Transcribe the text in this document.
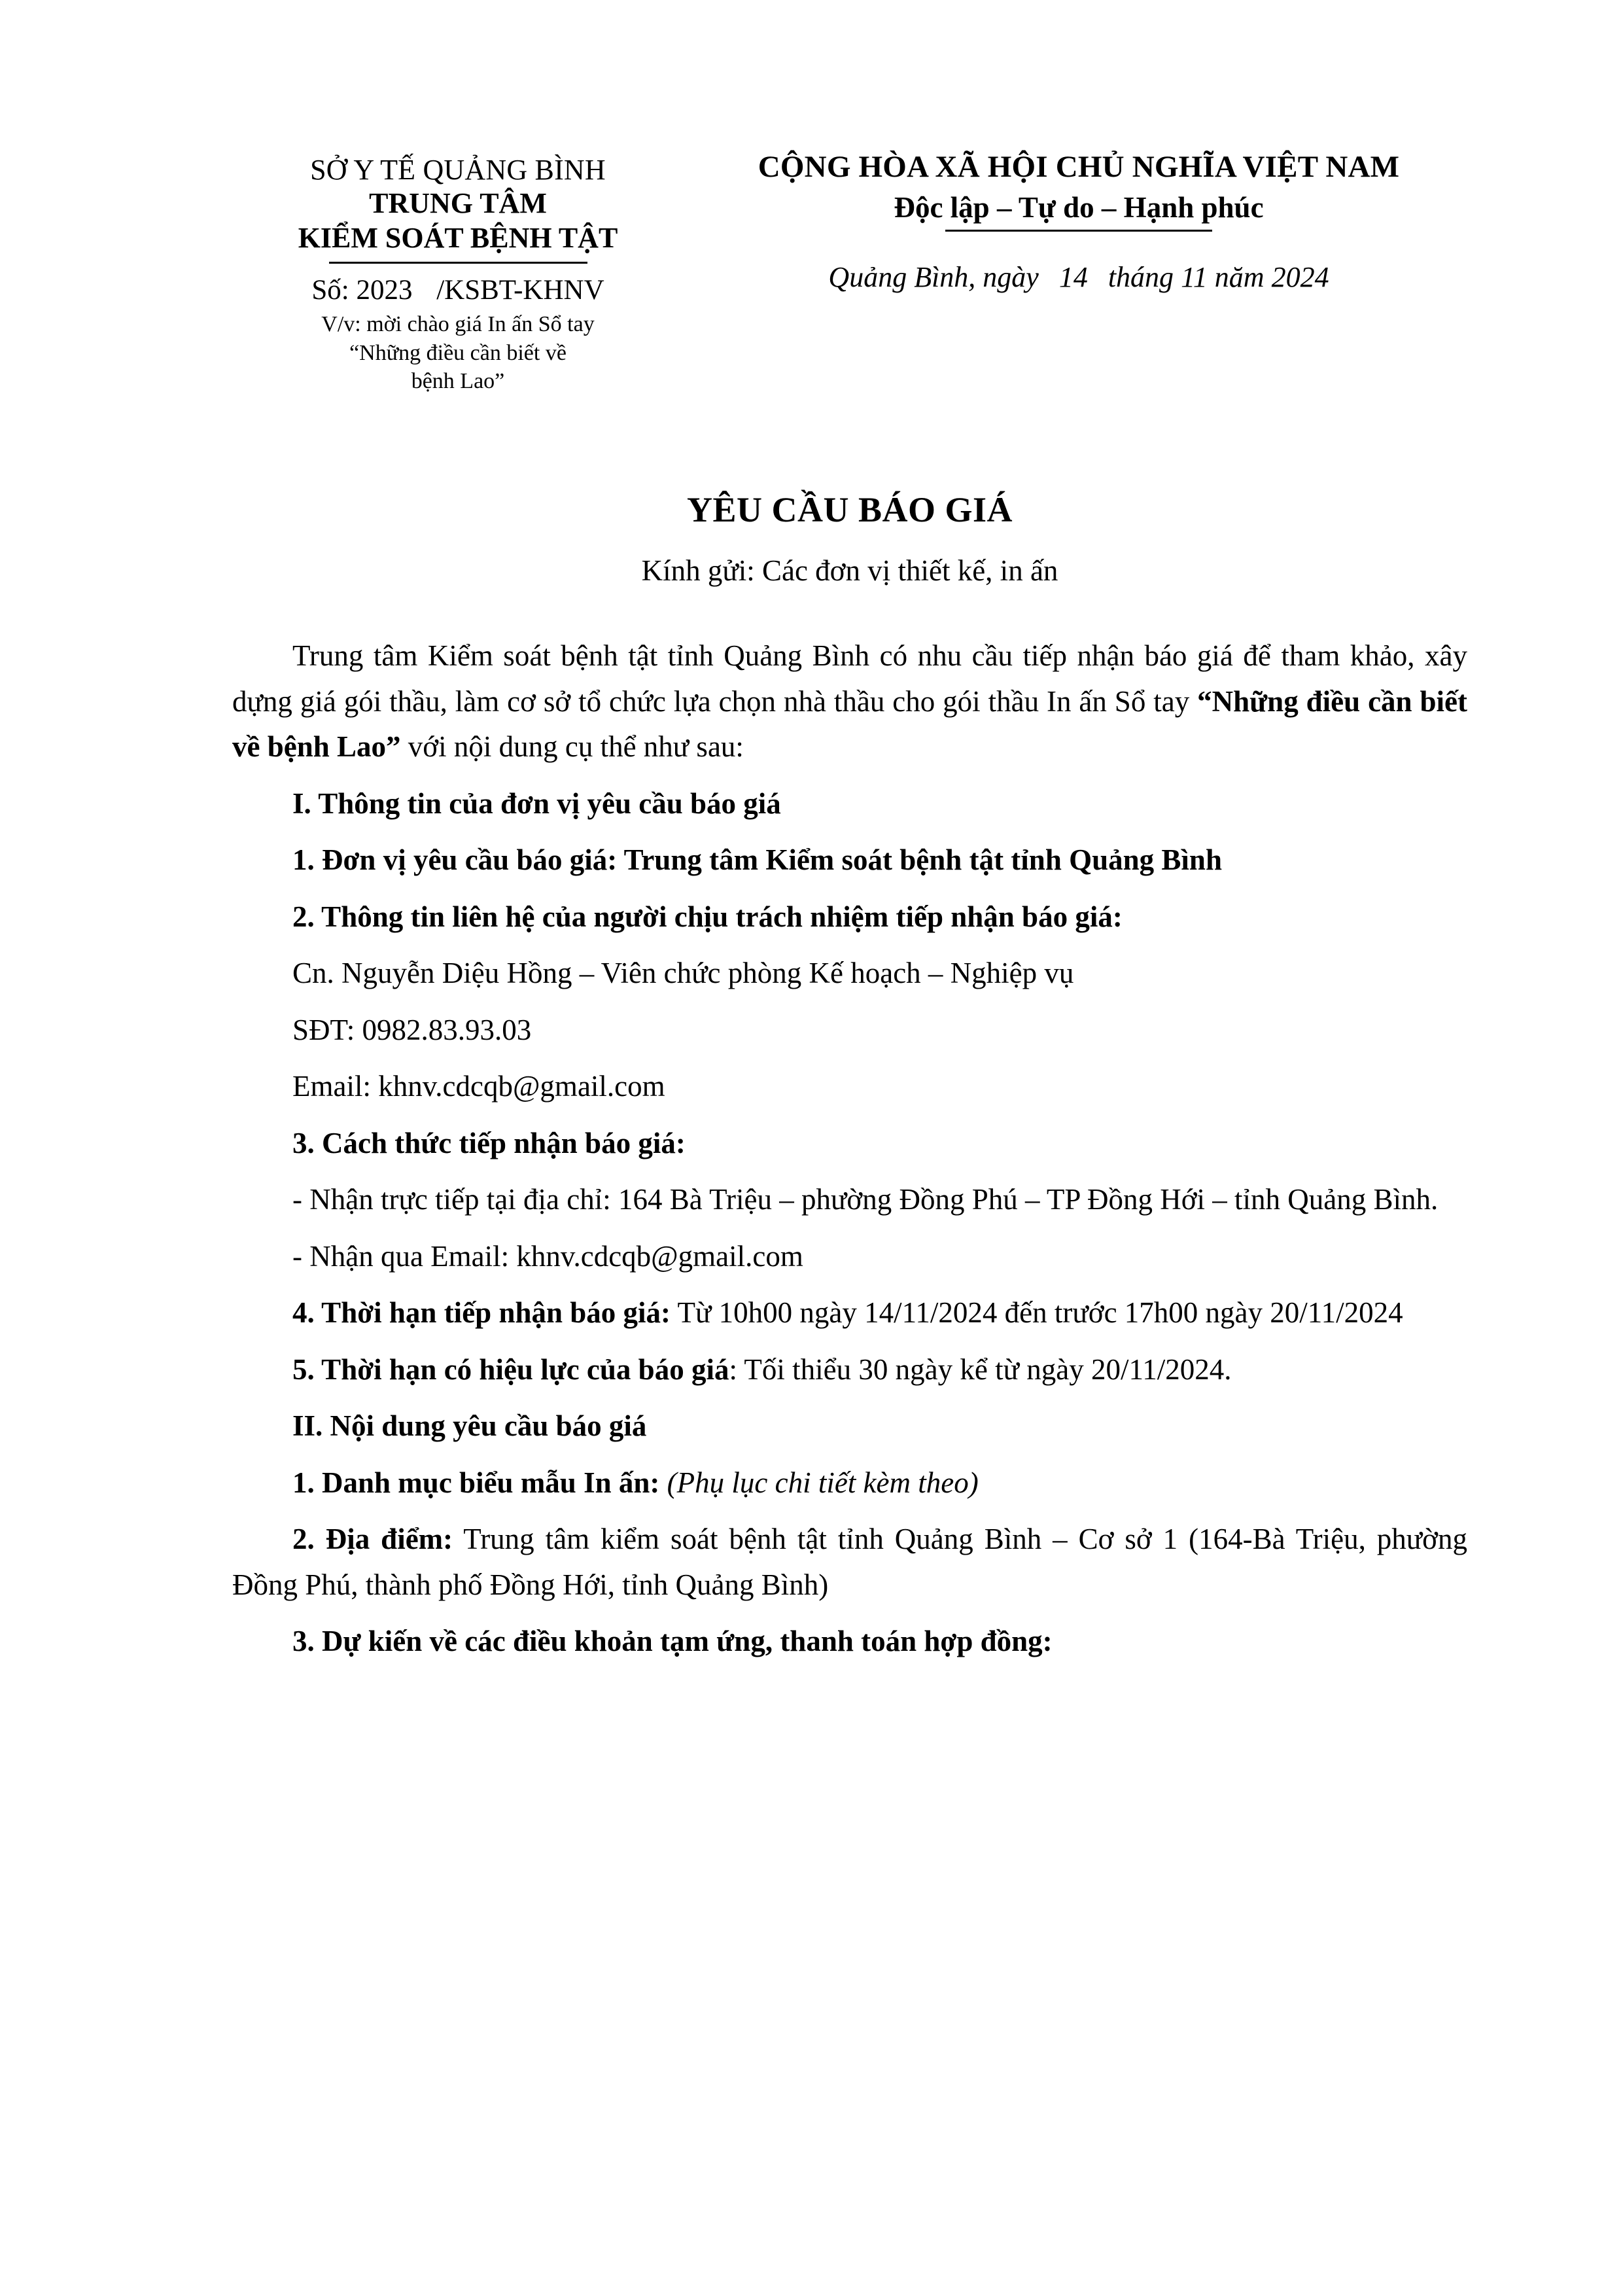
SỞ Y TẾ QUẢNG BÌNH
TRUNG TÂM
KIỂM SOÁT BỆNH TẬT
Số: 2023 /KSBT-KHNV
V/v: mời chào giá In ấn Sổ tay
“Những điều cần biết về
bệnh Lao”
CỘNG HÒA XÃ HỘI CHỦ NGHĨA VIỆT NAM
Độc lập – Tự do – Hạnh phúc
Quảng Bình, ngày 14 tháng 11 năm 2024
YÊU CẦU BÁO GIÁ
Kính gửi: Các đơn vị thiết kế, in ấn

Trung tâm Kiểm soát bệnh tật tỉnh Quảng Bình có nhu cầu tiếp nhận báo giá để tham khảo, xây dựng giá gói thầu, làm cơ sở tổ chức lựa chọn nhà thầu cho gói thầu In ấn Sổ tay “Những điều cần biết về bệnh Lao” với nội dung cụ thể như sau:

I. Thông tin của đơn vị yêu cầu báo giá

1. Đơn vị yêu cầu báo giá: Trung tâm Kiểm soát bệnh tật tỉnh Quảng Bình

2. Thông tin liên hệ của người chịu trách nhiệm tiếp nhận báo giá:

Cn. Nguyễn Diệu Hồng – Viên chức phòng Kế hoạch – Nghiệp vụ

SĐT: 0982.83.93.03

Email: khnv.cdcqb@gmail.com

3. Cách thức tiếp nhận báo giá:

- Nhận trực tiếp tại địa chỉ: 164 Bà Triệu – phường Đồng Phú – TP Đồng Hới – tỉnh Quảng Bình.

- Nhận qua Email: khnv.cdcqb@gmail.com

4. Thời hạn tiếp nhận báo giá: Từ 10h00 ngày 14/11/2024 đến trước 17h00 ngày 20/11/2024

5. Thời hạn có hiệu lực của báo giá: Tối thiểu 30 ngày kể từ ngày 20/11/2024.

II. Nội dung yêu cầu báo giá

1. Danh mục biểu mẫu In ấn: (Phụ lục chi tiết kèm theo)

2. Địa điểm: Trung tâm kiểm soát bệnh tật tỉnh Quảng Bình – Cơ sở 1 (164-Bà Triệu, phường Đồng Phú, thành phố Đồng Hới, tỉnh Quảng Bình)

3. Dự kiến về các điều khoản tạm ứng, thanh toán hợp đồng:
